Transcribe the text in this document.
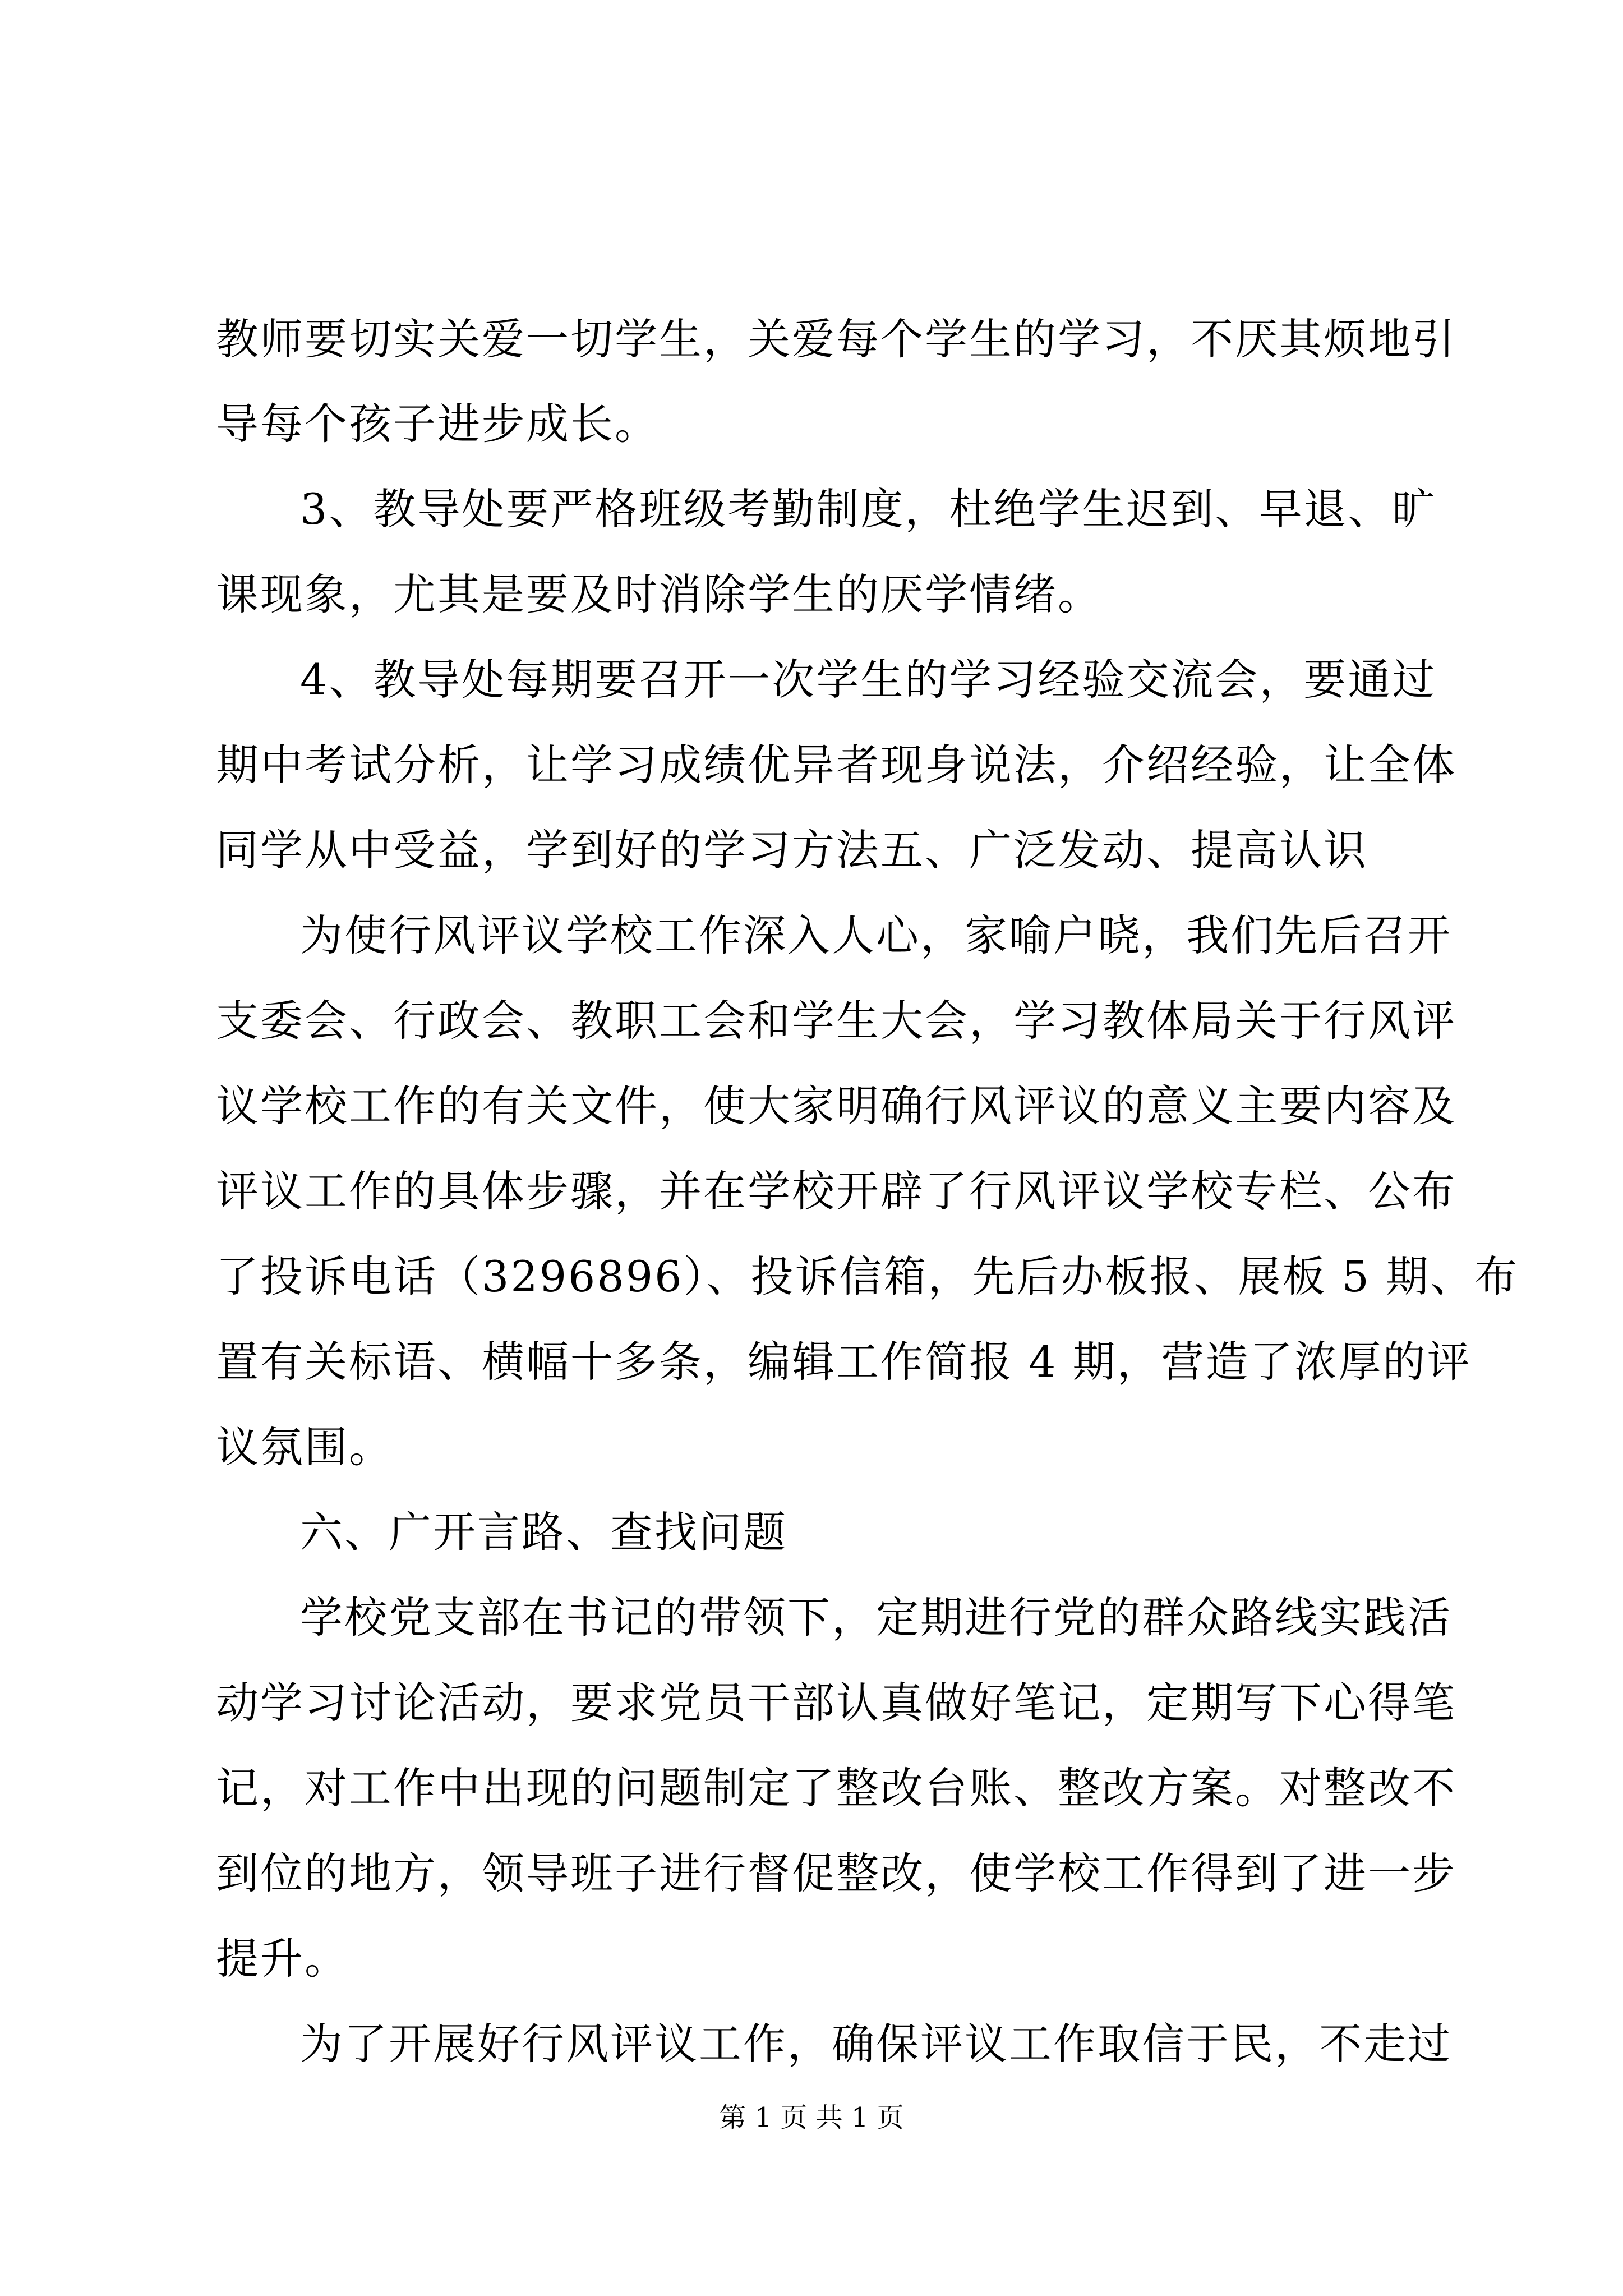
教师要切实关爱一切学生，关爱每个学生的学习，不厌其烦地引
导每个孩子进步成长。
3、教导处要严格班级考勤制度，杜绝学生迟到、早退、旷
课现象，尤其是要及时消除学生的厌学情绪。
4、教导处每期要召开一次学生的学习经验交流会，要通过
期中考试分析，让学习成绩优异者现身说法，介绍经验，让全体
同学从中受益，学到好的学习方法五、广泛发动、提高认识
为使行风评议学校工作深入人心，家喻户晓，我们先后召开
支委会、行政会、教职工会和学生大会，学习教体局关于行风评
议学校工作的有关文件，使大家明确行风评议的意义主要内容及
评议工作的具体步骤，并在学校开辟了行风评议学校专栏、公布
了投诉电话（3296896）、投诉信箱，先后办板报、展板 5 期、布
置有关标语、横幅十多条，编辑工作简报 4 期，营造了浓厚的评
议氛围。
六、广开言路、查找问题
学校党支部在书记的带领下，定期进行党的群众路线实践活
动学习讨论活动，要求党员干部认真做好笔记，定期写下心得笔
记，对工作中出现的问题制定了整改台账、整改方案。对整改不
到位的地方，领导班子进行督促整改，使学校工作得到了进一步
提升。
为了开展好行风评议工作，确保评议工作取信于民，不走过
第 1 页 共 1 页
